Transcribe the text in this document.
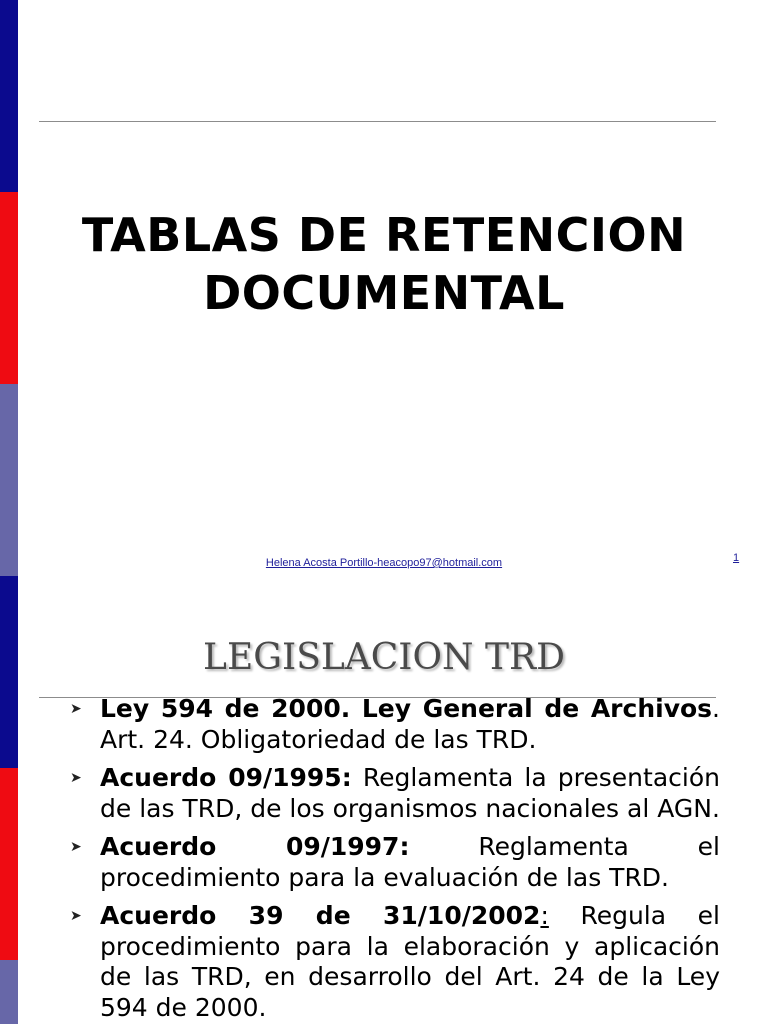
TABLAS DE RETENCION
DOCUMENTAL
Helena Acosta Portillo-heacopo97@hotmail.com	1
LEGISLACION TRD
➤ Ley 594 de 2000. Ley General de Archivos. Art. 24. Obligatoriedad de las TRD.
➤ Acuerdo 09/1995: Reglamenta la presentación de las TRD, de los organismos nacionales al AGN.
➤ Acuerdo 09/1997: Reglamenta el procedimiento para la evaluación de las TRD.
➤ Acuerdo 39 de 31/10/2002: Regula el procedimiento para la elaboración y aplicación de las TRD, en desarrollo del Art. 24 de la Ley 594 de 2000.
